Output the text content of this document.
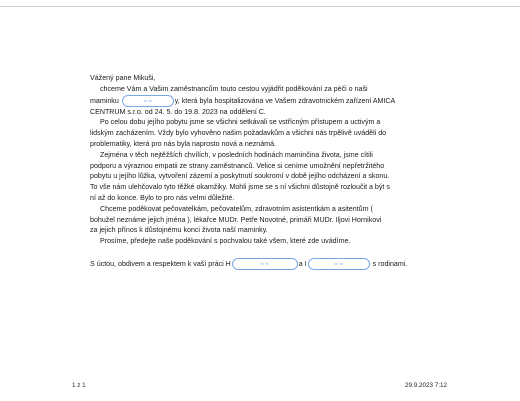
Vážený pane Mikuši,
chceme Vám a Vašim zaměstnancům touto cestou vyjádřit poděkování za péči o naši
maminku ≈ ≈	y, která byla hospitalizována ve Vašem zdravotnickém zařízení AMICA
CENTRUM s.r.o. od 24. 5. do 19.8. 2023 na oddělení C.
Po celou dobu jejího pobytu jsme se všichni setkávali se vstřícným přístupem a uctivým a
lidským zacházením. Vždy bylo vyhověno našim požadavkům a všichni nás trpělivě uváděli do
problematiky, která pro nás byla naprosto nová a neznámá.
Zejména v těch nejtěžších chvílích, v posledních hodinách maminčina života, jsme cítili
podporu a výraznou empatii ze strany zaměstnanců. Velice si ceníme umožnění nepřetržitého
pobytu u jejího lůžka, vytvoření zázemí a poskytnutí soukromí v době jejího odcházení a skonu.
To vše nám ulehčovalo tyto těžké okamžiky. Mohli jsme se s ní všichni důstojně rozloučit a být s
ní až do konce. Bylo to pro nás velmi důležité.
Chceme poděkovat pečovatelkám, pečovatelům, zdravotním asistentkám a asitentům (
bohužel neznáme jejich jména ), lékařce MUDr. Petře Novotné, primáři MUDr. Iljovi Hornikovi
za jejich přínos k důstojnému konci života naší maminky.
Prosíme, předejte naše poděkování s pochvalou také všem, které zde uvádíme.
S úctou, obdivem a respektem k vaší práci H ≈ ≈	a I ≈ ≈	s rodinami.
1 z 1	29.9.2023 7:12
